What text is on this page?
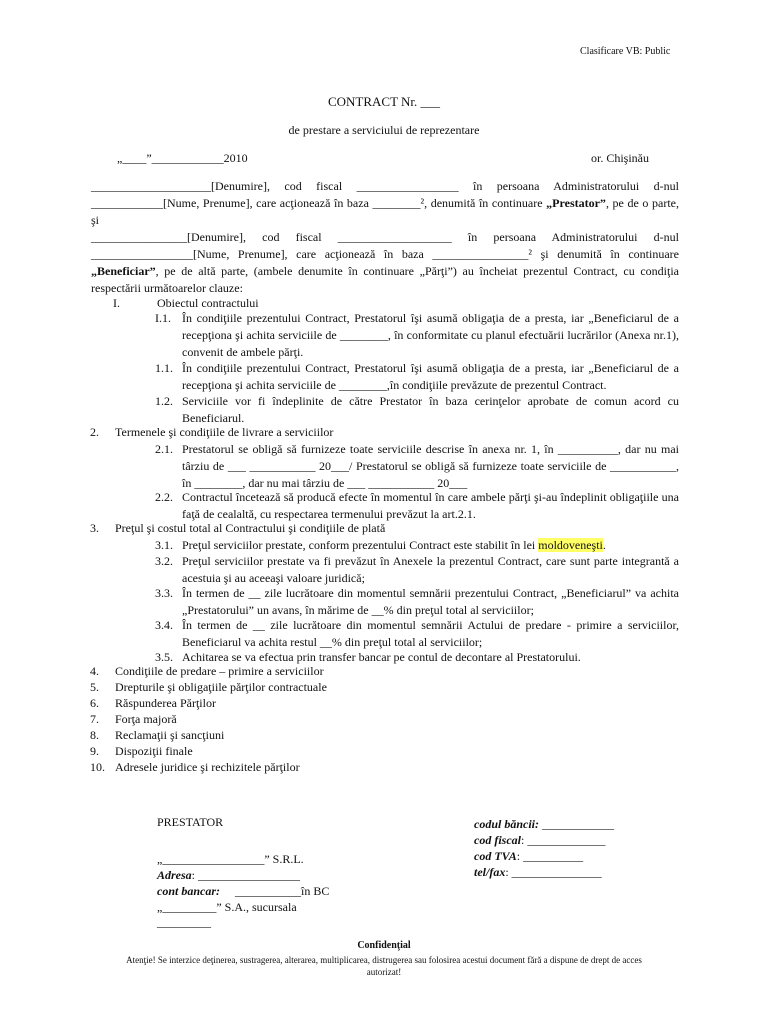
Clasificare VB: Public
CONTRACT Nr. ___
de prestare a serviciului de reprezentare
„____”____________2010	or. Chişinău

____________________[Denumire], cod fiscal _________________ în persoana Administratorului d-nul ____________[Nume, Prenume], care acţionează în baza ________², denumită în continuare „Prestator”, pe de o parte, şi

________________[Denumire], cod fiscal ___________________ în persoana Administratorului d-nul _________________[Nume, Prenume], care acţionează în baza ________________² şi denumită în continuare „Beneficiar”, pe de altă parte, (ambele denumite în continuare „Părţi”) au încheiat prezentul Contract, cu condiţia respectării următoarelor clauze:

I.	Obiectul contractului
I.1. În condiţiile prezentului Contract, Prestatorul îşi asumă obligaţia de a presta, iar „Beneficiarul de a recepţiona şi achita serviciile de ________, în conformitate cu planul efectuării lucrărilor (Anexa nr.1), convenit de ambele părţi.
1.1. În condiţiile prezentului Contract, Prestatorul îşi asumă obligaţia de a presta, iar „Beneficiarul de a recepţiona şi achita serviciile de ________,în condiţiile prevăzute de prezentul Contract.
1.2. Serviciile vor fi îndeplinite de către Prestator în baza cerinţelor aprobate de comun acord cu Beneficiarul.
2. Termenele şi condiţiile de livrare a serviciilor
2.1. Prestatorul se obligă să furnizeze toate serviciile descrise în anexa nr. 1, în __________, dar nu mai târziu de ___ ___________ 20___/ Prestatorul se obligă să furnizeze toate serviciile de ___________, în ________, dar nu mai târziu de ___ ___________ 20___
2.2. Contractul încetează să producă efecte în momentul în care ambele părţi şi-au îndeplinit obligaţiile una faţă de cealaltă, cu respectarea termenului prevăzut la art.2.1.
3. Preţul şi costul total al Contractului şi condiţiile de plată
3.1. Preţul serviciilor prestate, conform prezentului Contract este stabilit în lei moldoveneşti.
3.2. Preţul serviciilor prestate va fi prevăzut în Anexele la prezentul Contract, care sunt parte integrantă a acestuia şi au aceeaşi valoare juridică;
3.3. În termen de __ zile lucrătoare din momentul semnării prezentului Contract, „Beneficiarul” va achita „Prestatorului” un avans, în mărime de __% din preţul total al serviciilor;
3.4. În termen de __ zile lucrătoare din momentul semnării Actului de predare - primire a serviciilor, Beneficiarul va achita restul __% din preţul total al serviciilor;
3.5. Achitarea se va efectua prin transfer bancar pe contul de decontare al Prestatorului.
4. Condiţiile de predare – primire a serviciilor
5. Drepturile şi obligaţiile părţilor contractuale
6. Răspunderea Părţilor
7. Forţa majoră
8. Reclamaţii şi sancţiuni
9. Dispoziţii finale
10. Adresele juridice şi rechizitele părţilor
PRESTATOR
„_________________” S.R.L.
Adresa: _________________
cont bancar: ___________în BC
„_________” S.A., sucursala
_________
codul băncii: ____________
cod fiscal: _____________
cod TVA: __________
tel/fax: _______________
Confidenţial
Atenţie! Se interzice deţinerea, sustragerea, alterarea, multiplicarea, distrugerea sau folosirea acestui document fără a dispune de drept de acces autorizat!
